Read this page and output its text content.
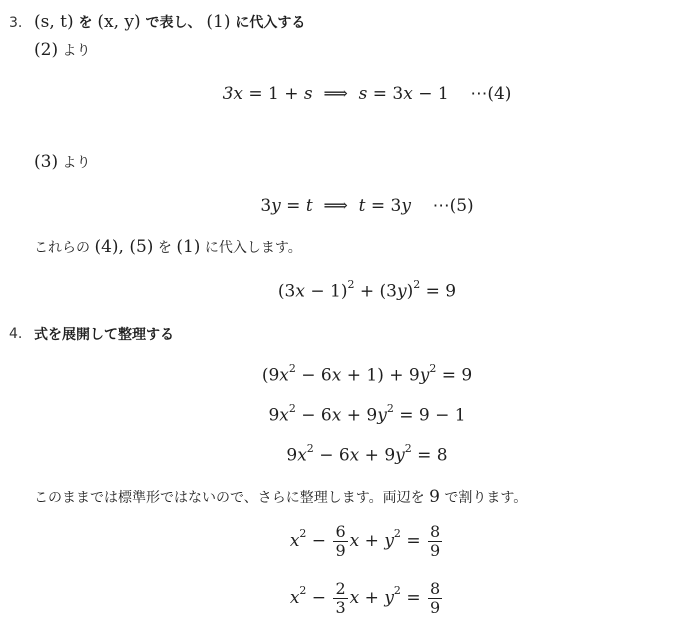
3. (s, t) を (x, y) で表し、 (1) に代入する
(2) より
3x = 1 + s  ⟹  s = 3x − 1    ⋯(4)
(3) より
3y = t  ⟹  t = 3y    ⋯(5)
これらの (4), (5) を (1) に代入します。
$(3x - 1)^2 + (3y)^2 = 9$
4. 式を展開して整理する
$(9x^2 - 6x + 1) + 9y^2 = 9$
$9x^2 - 6x + 9y^2 = 9 - 1$
$9x^2 - 6x + 9y^2 = 8$
このままでは標準形ではないので、さらに整理します。両辺を 9 で割ります。
$x^2 - \frac{6}{9}$ $x + y^2 = \frac{8}{9}$
$x^2 - \frac{2}{3}$ $x + y^2 = \frac{8}{9}$
